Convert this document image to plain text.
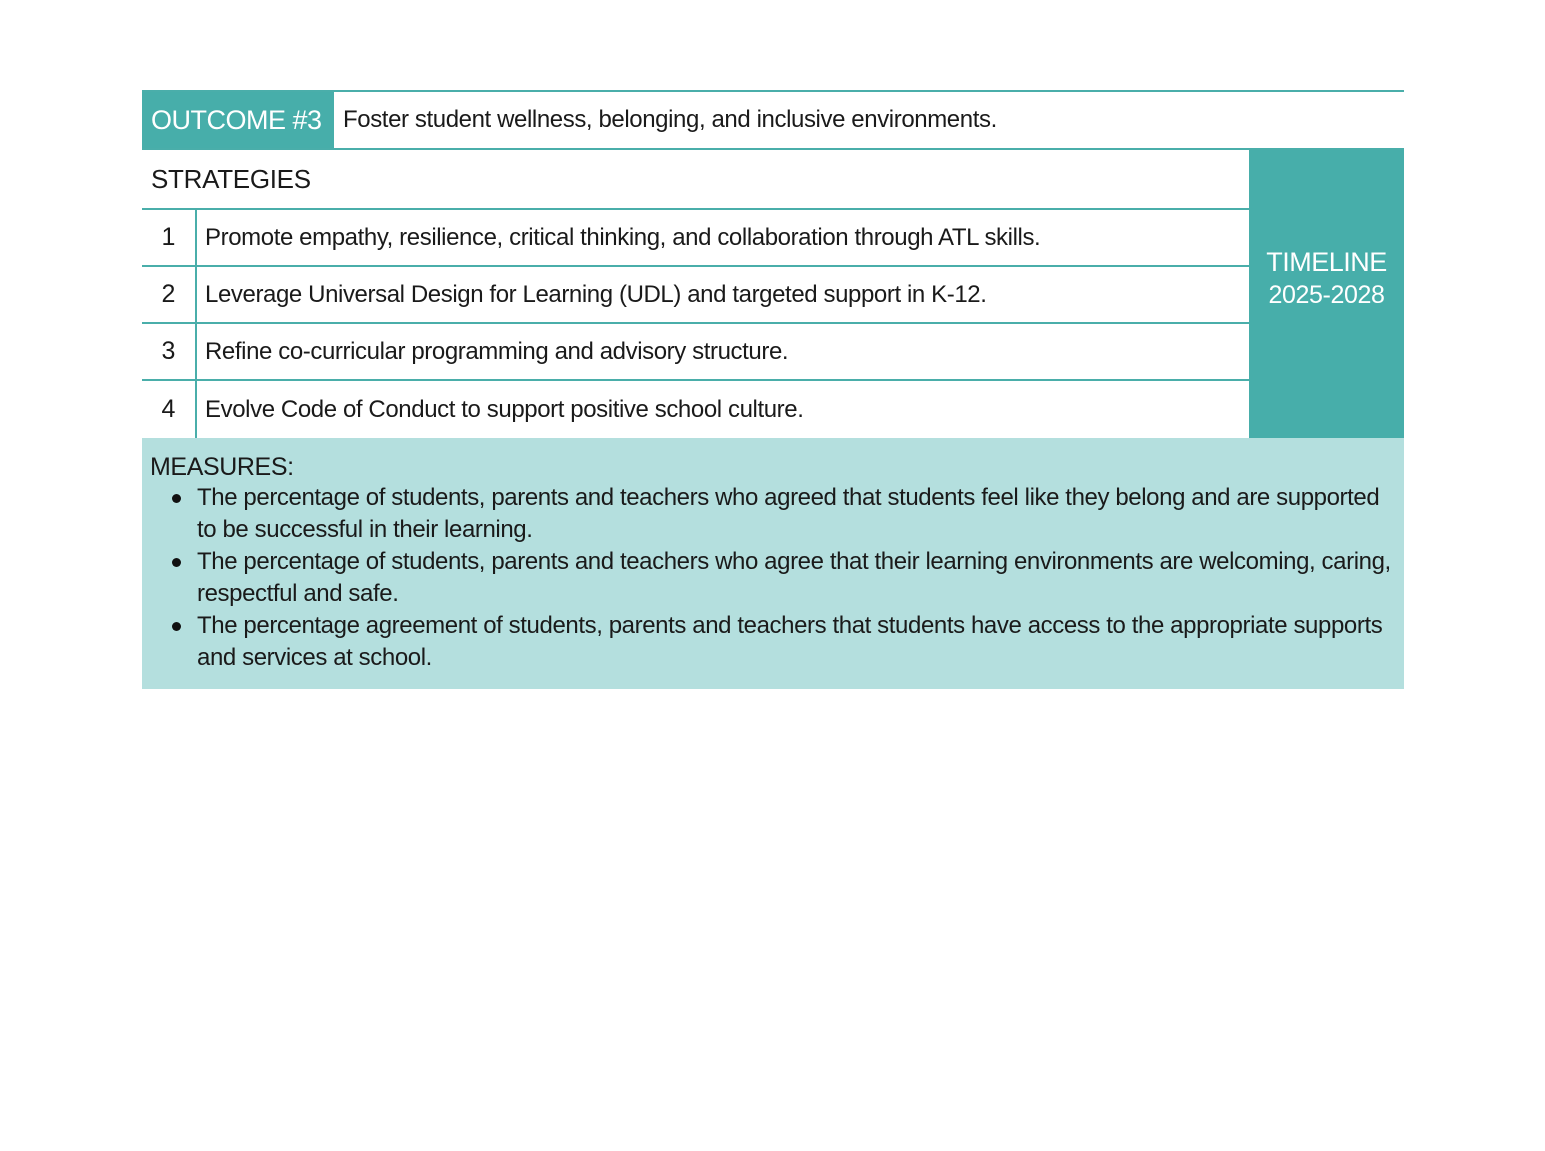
OUTCOME #3 Foster student wellness, belonging, and inclusive environments.
STRATEGIES
1	Promote empathy, resilience, critical thinking, and collaboration through ATL skills.
2	Leverage Universal Design for Learning (UDL) and targeted support in K-12.
3	Refine co-curricular programming and advisory structure.
4	Evolve Code of Conduct to support positive school culture.
TIMELINE
2025-2028
MEASURES:
The percentage of students, parents and teachers who agreed that students feel like they belong and are supported to be successful in their learning.
The percentage of students, parents and teachers who agree that their learning environments are welcoming, caring, respectful and safe.
The percentage agreement of students, parents and teachers that students have access to the appropriate supports and services at school.
